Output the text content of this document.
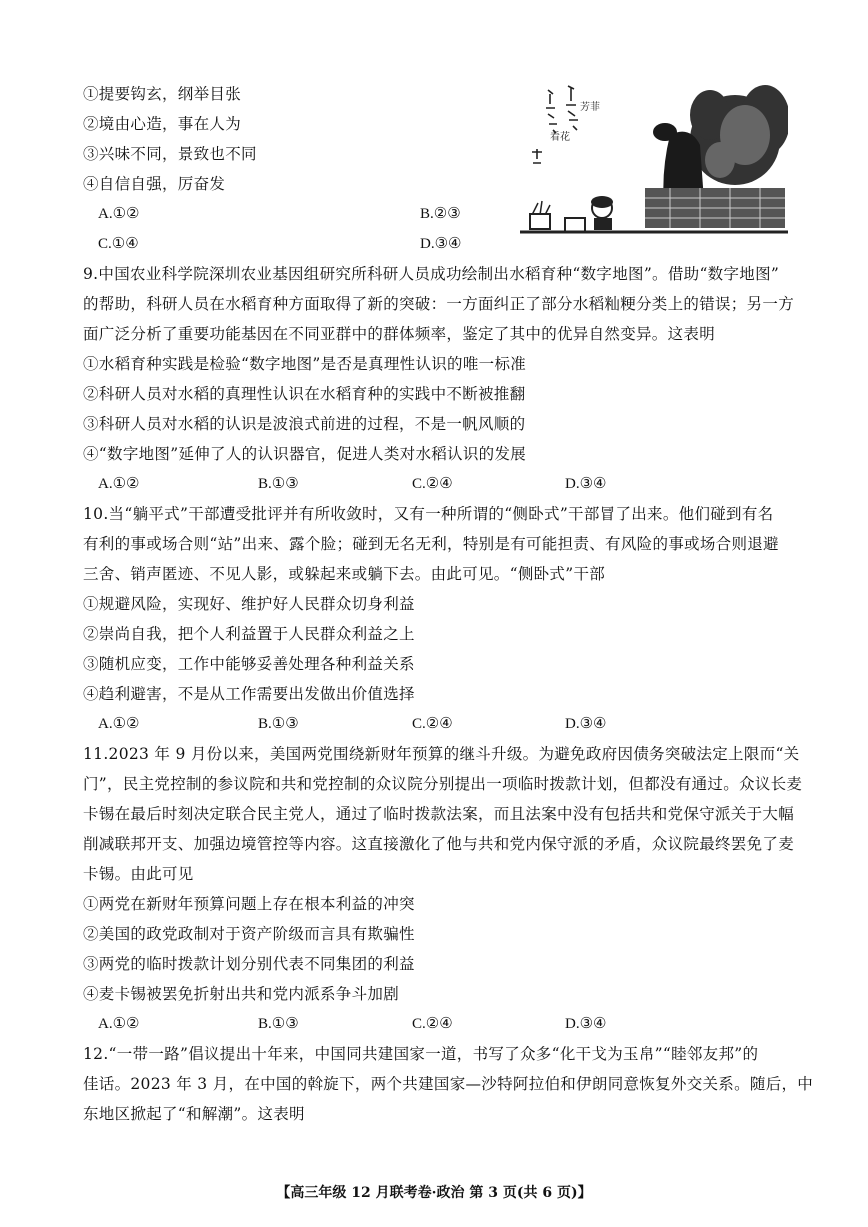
①提要钩玄，纲举目张
②境由心造，事在人为
③兴味不同，景致也不同
④自信自强，厉奋发
A.①②	B.②③
C.①④	D.③④
芳菲
看花
9.中国农业科学院深圳农业基因组研究所科研人员成功绘制出水稻育种“数字地图”。借助“数字地图”
的帮助，科研人员在水稻育种方面取得了新的突破：一方面纠正了部分水稻籼粳分类上的错误；另一方
面广泛分析了重要功能基因在不同亚群中的群体频率，鉴定了其中的优异自然变异。这表明
①水稻育种实践是检验“数字地图”是否是真理性认识的唯一标准
②科研人员对水稻的真理性认识在水稻育种的实践中不断被推翻
③科研人员对水稻的认识是波浪式前进的过程，不是一帆风顺的
④“数字地图”延伸了人的认识器官，促进人类对水稻认识的发展
A.①②	B.①③	C.②④	D.③④
10.当“躺平式”干部遭受批评并有所收敛时，又有一种所谓的“侧卧式”干部冒了出来。他们碰到有名
有利的事或场合则“站”出来、露个脸；碰到无名无利，特别是有可能担责、有风险的事或场合则退避
三舍、销声匿迹、不见人影，或躲起来或躺下去。由此可见。“侧卧式”干部
①规避风险，实现好、维护好人民群众切身利益
②崇尚自我，把个人利益置于人民群众利益之上
③随机应变，工作中能够妥善处理各种利益关系
④趋利避害，不是从工作需要出发做出价值选择
A.①②	B.①③	C.②④	D.③④
11.2023 年 9 月份以来，美国两党围绕新财年预算的继斗升级。为避免政府因债务突破法定上限而“关
门”，民主党控制的参议院和共和党控制的众议院分别提出一项临时拨款计划，但都没有通过。众议长麦
卡锡在最后时刻决定联合民主党人，通过了临时拨款法案，而且法案中没有包括共和党保守派关于大幅
削减联邦开支、加强边境管控等内容。这直接激化了他与共和党内保守派的矛盾，众议院最终罢免了麦
卡锡。由此可见
①两党在新财年预算问题上存在根本利益的冲突
②美国的政党政制对于资产阶级而言具有欺骗性
③两党的临时拨款计划分别代表不同集团的利益
④麦卡锡被罢免折射出共和党内派系争斗加剧
A.①②	B.①③	C.②④	D.③④
12.“一带一路”倡议提出十年来，中国同共建国家一道，书写了众多“化干戈为玉帛”“睦邻友邦”的
佳话。2023 年 3 月，在中国的斡旋下，两个共建国家—沙特阿拉伯和伊朗同意恢复外交关系。随后，中
东地区掀起了“和解潮”。这表明
【高三年级 12 月联考卷·政治 第 3 页(共 6 页)】
